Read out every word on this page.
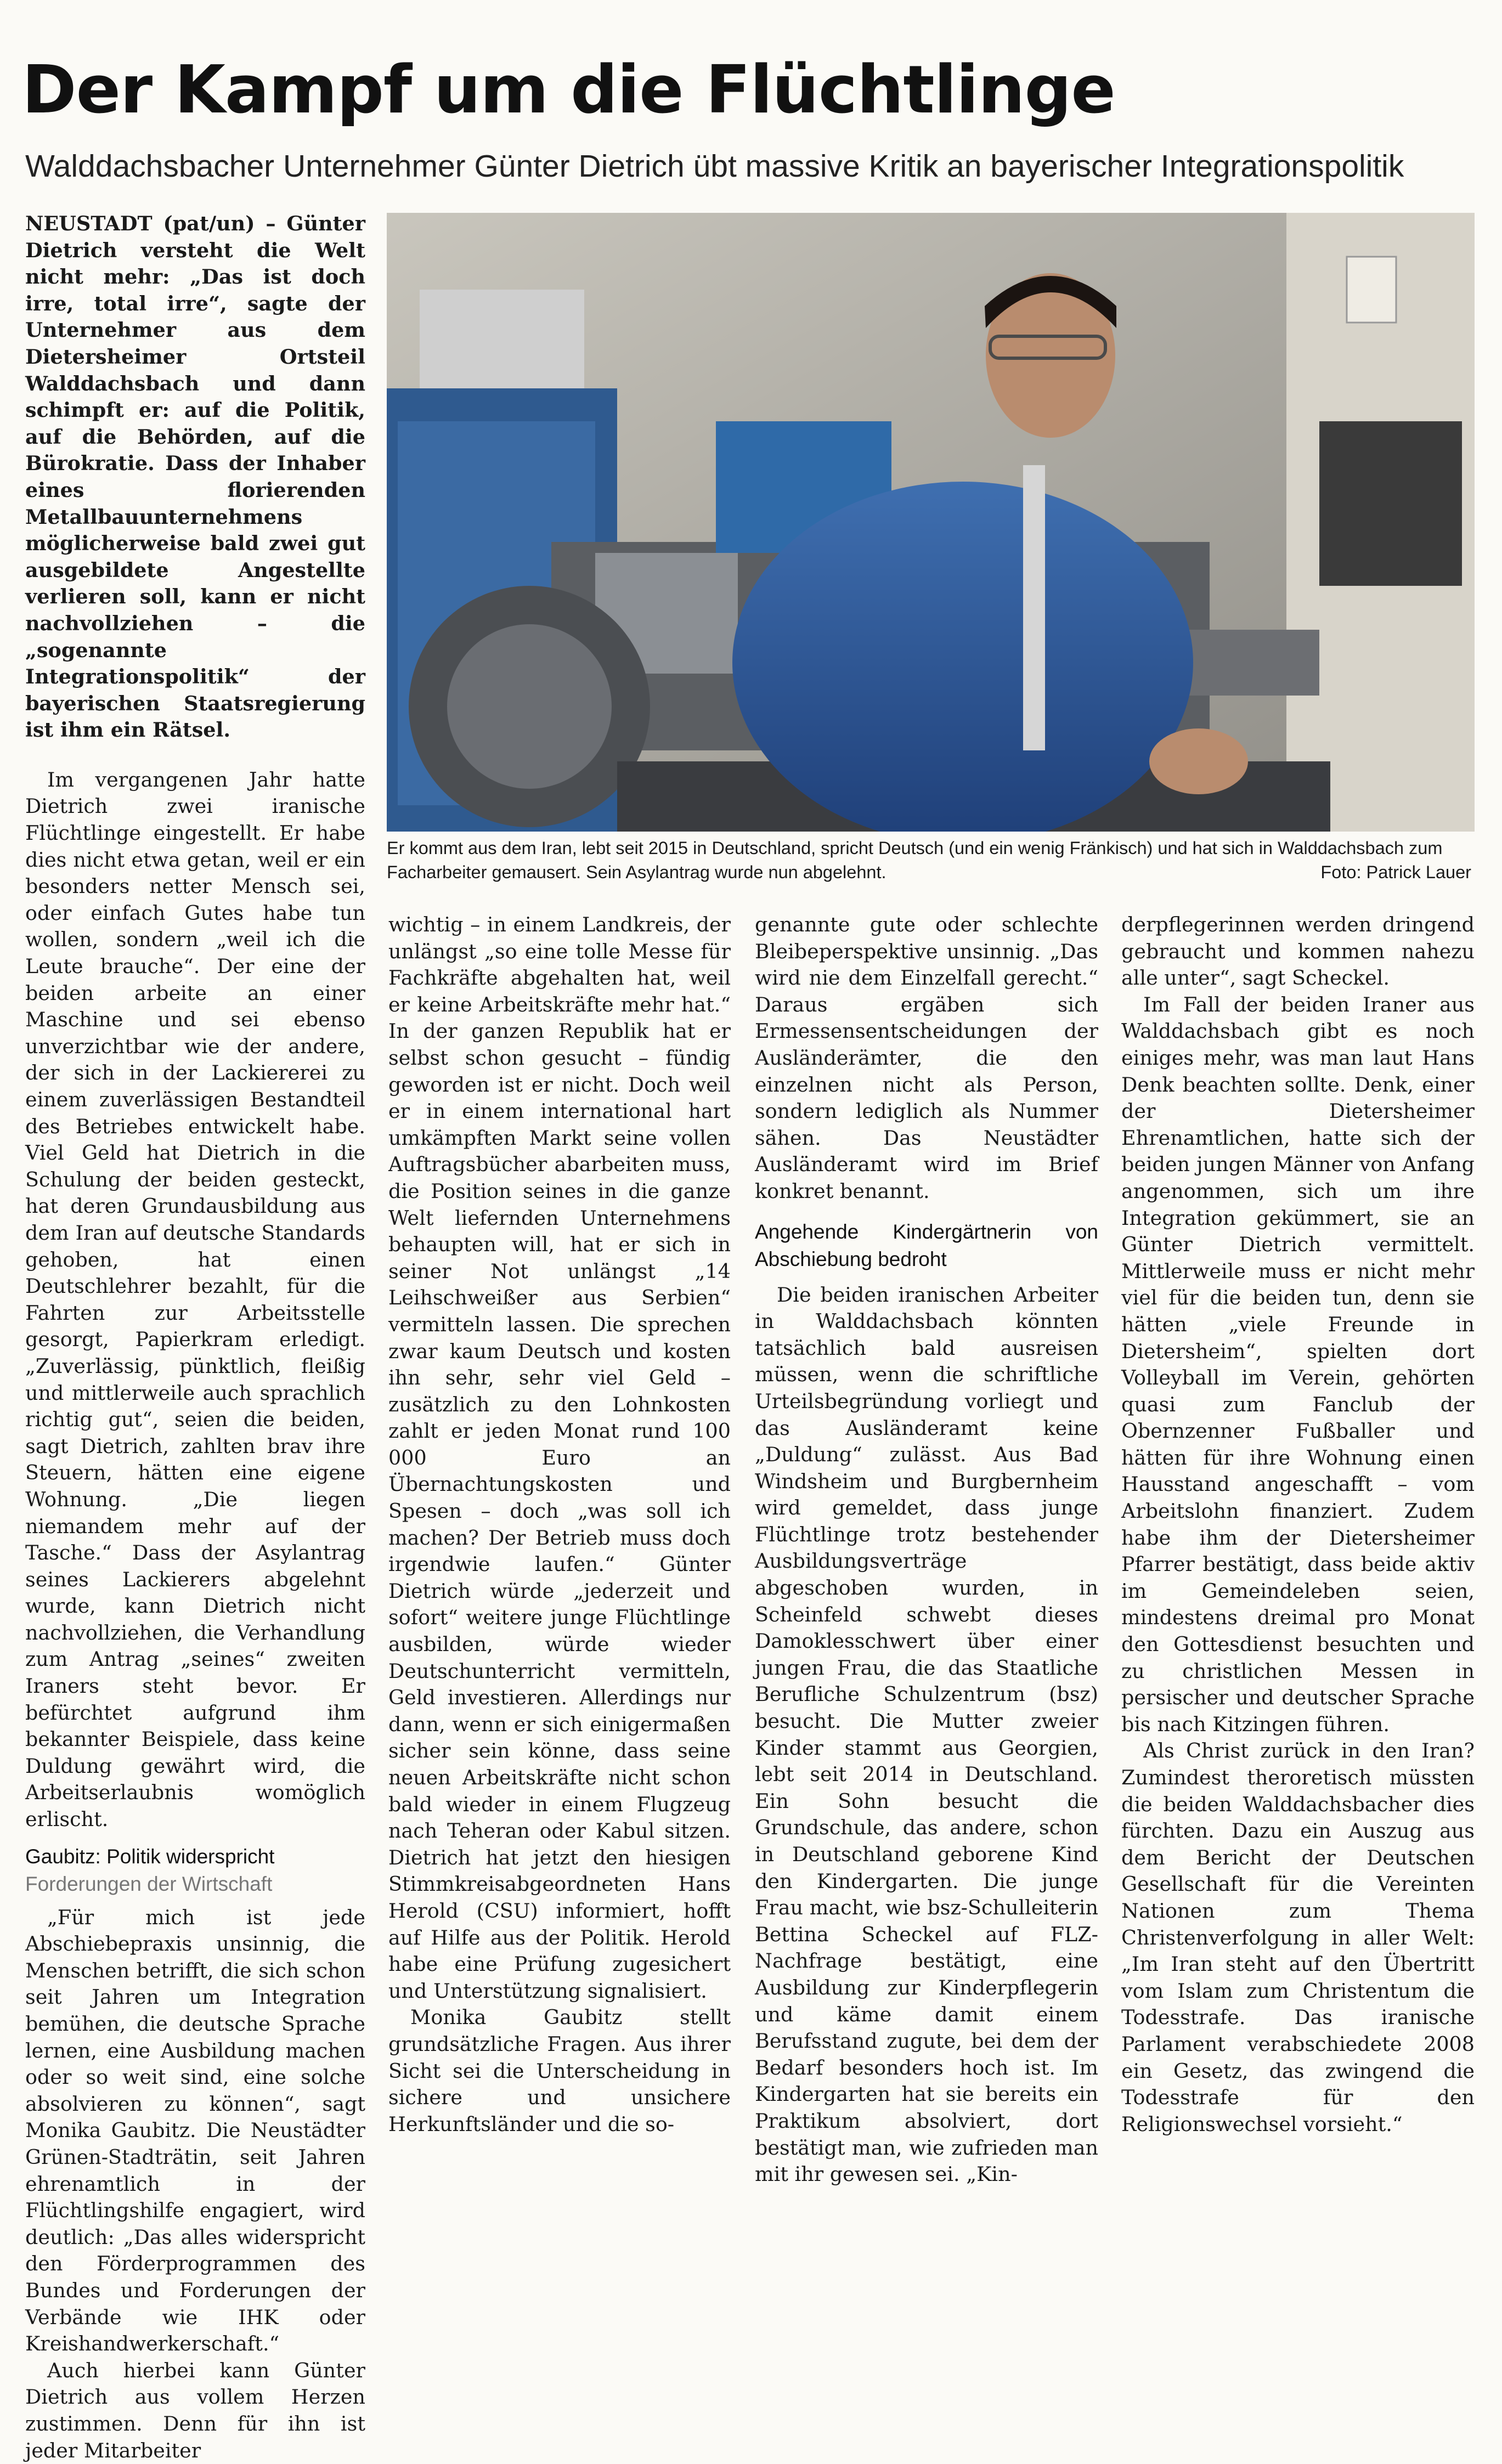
Der Kampf um die Flüchtlinge
Walddachsbacher Unternehmer Günter Dietrich übt massive Kritik an bayerischer Integrationspolitik

NEUSTADT (pat/un) – Günter Dietrich versteht die Welt nicht mehr: „Das ist doch irre, total irre“, sagte der Unternehmer aus dem Dietersheimer Ortsteil Walddachsbach und dann schimpft er: auf die Politik, auf die Behörden, auf die Bürokratie. Dass der Inhaber eines florierenden Metallbauunternehmens möglicherweise bald zwei gut ausgebildete Angestellte verlieren soll, kann er nicht nachvollziehen – die „sogenannte Integrationspolitik“ der bayerischen Staatsregierung ist ihm ein Rätsel.

Im vergangenen Jahr hatte Dietrich zwei iranische Flüchtlinge eingestellt. Er habe dies nicht etwa getan, weil er ein besonders netter Mensch sei, oder einfach Gutes habe tun wollen, sondern „weil ich die Leute brauche“. Der eine der beiden arbeite an einer Maschine und sei ebenso unverzichtbar wie der andere, der sich in der Lackiererei zu einem zuverlässigen Bestandteil des Betriebes entwickelt habe. Viel Geld hat Dietrich in die Schulung der beiden gesteckt, hat deren Grundausbildung aus dem Iran auf deutsche Standards gehoben, hat einen Deutschlehrer bezahlt, für die Fahrten zur Arbeitsstelle gesorgt, Papierkram erledigt. „Zuverlässig, pünktlich, fleißig und mittlerweile auch sprachlich richtig gut“, seien die beiden, sagt Dietrich, zahlten brav ihre Steuern, hätten eine eigene Wohnung. „Die liegen niemandem mehr auf der Tasche.“ Dass der Asylantrag seines Lackierers abgelehnt wurde, kann Dietrich nicht nachvollziehen, die Verhandlung zum Antrag „seines“ zweiten Iraners steht bevor. Er befürchtet aufgrund ihm bekannter Beispiele, dass keine Duldung gewährt wird, die Arbeitserlaubnis womöglich erlischt.

Gaubitz: Politik widerspricht
Forderungen der Wirtschaft

„Für mich ist jede Abschiebepraxis unsinnig, die Menschen betrifft, die sich schon seit Jahren um Integration bemühen, die deutsche Sprache lernen, eine Ausbildung machen oder so weit sind, eine solche absolvieren zu können“, sagt Monika Gaubitz. Die Neustädter Grünen-Stadträtin, seit Jahren ehrenamtlich in der Flüchtlingshilfe engagiert, wird deutlich: „Das alles widerspricht den Förderprogrammen des Bundes und Forderungen der Verbände wie IHK oder Kreishandwerkerschaft.“

Auch hierbei kann Günter Dietrich aus vollem Herzen zustimmen. Denn für ihn ist jeder Mitarbeiter

Er kommt aus dem Iran, lebt seit 2015 in Deutschland, spricht Deutsch (und ein wenig Fränkisch) und hat sich in Walddachsbach zum Facharbeiter gemausert. Sein Asylantrag wurde nun abgelehnt.	Foto: Patrick Lauer

wichtig – in einem Landkreis, der unlängst „so eine tolle Messe für Fachkräfte abgehalten hat, weil er keine Arbeitskräfte mehr hat.“ In der ganzen Republik hat er selbst schon gesucht – fündig geworden ist er nicht. Doch weil er in einem international hart umkämpften Markt seine vollen Auftragsbücher abarbeiten muss, die Position seines in die ganze Welt liefernden Unternehmens behaupten will, hat er sich in seiner Not unlängst „14 Leihschweißer aus Serbien“ vermitteln lassen. Die sprechen zwar kaum Deutsch und kosten ihn sehr, sehr viel Geld – zusätzlich zu den Lohnkosten zahlt er jeden Monat rund 100 000 Euro an Übernachtungskosten und Spesen – doch „was soll ich machen? Der Betrieb muss doch irgendwie laufen.“ Günter Dietrich würde „jederzeit und sofort“ weitere junge Flüchtlinge ausbilden, würde wieder Deutschunterricht vermitteln, Geld investieren. Allerdings nur dann, wenn er sich einigermaßen sicher sein könne, dass seine neuen Arbeitskräfte nicht schon bald wieder in einem Flugzeug nach Teheran oder Kabul sitzen. Dietrich hat jetzt den hiesigen Stimmkreisabgeordneten Hans Herold (CSU) informiert, hofft auf Hilfe aus der Politik. Herold habe eine Prüfung zugesichert und Unterstützung signalisiert.

Monika Gaubitz stellt grundsätzliche Fragen. Aus ihrer Sicht sei die Unterscheidung in sichere und unsichere Herkunftsländer und die so-

genannte gute oder schlechte Bleibeperspektive unsinnig. „Das wird nie dem Einzelfall gerecht.“ Daraus ergäben sich Ermessensentscheidungen der Ausländerämter, die den einzelnen nicht als Person, sondern lediglich als Nummer sähen. Das Neustädter Ausländeramt wird im Brief konkret benannt.

Angehende Kindergärtnerin von Abschiebung bedroht

Die beiden iranischen Arbeiter in Walddachsbach könnten tatsächlich bald ausreisen müssen, wenn die schriftliche Urteilsbegründung vorliegt und das Ausländeramt keine „Duldung“ zulässt. Aus Bad Windsheim und Burgbernheim wird gemeldet, dass junge Flüchtlinge trotz bestehender Ausbildungsverträge abgeschoben wurden, in Scheinfeld schwebt dieses Damoklesschwert über einer jungen Frau, die das Staatliche Berufliche Schulzentrum (bsz) besucht. Die Mutter zweier Kinder stammt aus Georgien, lebt seit 2014 in Deutschland. Ein Sohn besucht die Grundschule, das andere, schon in Deutschland geborene Kind den Kindergarten. Die junge Frau macht, wie bsz-Schulleiterin Bettina Scheckel auf FLZ-Nachfrage bestätigt, eine Ausbildung zur Kinderpflegerin und käme damit einem Berufsstand zugute, bei dem der Bedarf besonders hoch ist. Im Kindergarten hat sie bereits ein Praktikum absolviert, dort bestätigt man, wie zufrieden man mit ihr gewesen sei. „Kin-

derpflegerinnen werden dringend gebraucht und kommen nahezu alle unter“, sagt Scheckel.

Im Fall der beiden Iraner aus Walddachsbach gibt es noch einiges mehr, was man laut Hans Denk beachten sollte. Denk, einer der Dietersheimer Ehrenamtlichen, hatte sich der beiden jungen Männer von Anfang angenommen, sich um ihre Integration gekümmert, sie an Günter Dietrich vermittelt. Mittlerweile muss er nicht mehr viel für die beiden tun, denn sie hätten „viele Freunde in Dietersheim“, spielten dort Volleyball im Verein, gehörten quasi zum Fanclub der Obernzenner Fußballer und hätten für ihre Wohnung einen Hausstand angeschafft – vom Arbeitslohn finanziert. Zudem habe ihm der Dietersheimer Pfarrer bestätigt, dass beide aktiv im Gemeindeleben seien, mindestens dreimal pro Monat den Gottesdienst besuchten und zu christlichen Messen in persischer und deutscher Sprache bis nach Kitzingen führen.

Als Christ zurück in den Iran? Zumindest theroretisch müssten die beiden Walddachsbacher dies fürchten. Dazu ein Auszug aus dem Bericht der Deutschen Gesellschaft für die Vereinten Nationen zum Thema Christenverfolgung in aller Welt: „Im Iran steht auf den Übertritt vom Islam zum Christentum die Todesstrafe. Das iranische Parlament verabschiedete 2008 ein Gesetz, das zwingend die Todesstrafe für den Religionswechsel vorsieht.“
